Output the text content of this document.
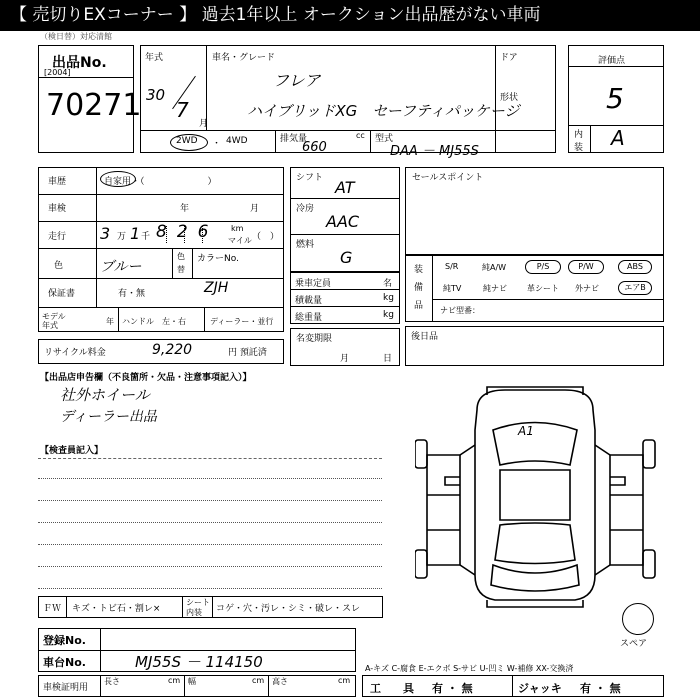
【 売切りEXコーナー 】 過去1年以上 オークション出品歴がない車両
（検日替）対応清館
出品No.
[2004]
70271
年式
30
7
月
車名・グレード
フレア
ハイブリッドXG　セーフティパッケージ
ドア
形状
2WD ・ 4WD	排気量	cc
660
型式
DAA － MJ55S
評価点
5
内
装 A
車歴	自家用・（　　　　　　　）
車検	年	月
走行 3 万 1 千 826 km
マイル （　）
色	ブルー
色
替
カラーNo.
ZJH
保証書	有・無
モデル
年式	年 ハンドル　左・右	ディーラー・並行
リサイクル料金	9,220	円 預託済
シフト AT
冷房
AAC
燃料
G
乗車定員	名
積載量	kg
総重量	kg
名変期限
月	日
セールスポイント
装
備
品
S/R	純A/W	P/S	P/W	ABS
純TV	純ナビ	革シート 外ナビ	エアB
ナビ型番：
後日品
【出品店申告欄（不良箇所・欠品・注意事項記入）】
社外ホイール
ディーラー出品
【検査員記入】
A1
スペア
ＦＷ キズ・トビ石・割レ×
シート
内装 コゲ・穴・汚レ・シミ・破レ・スレ
登録No.
車台No.	MJ55S － 114150	A-キズ C-腐食 E-エクボ S-サビ U-凹ミ W-補修 XX-交換済
車検証明用
長さ	cm 幅	cm 高さ	cm
工　　具 有 ・ 無	ジャッキ 有 ・ 無
